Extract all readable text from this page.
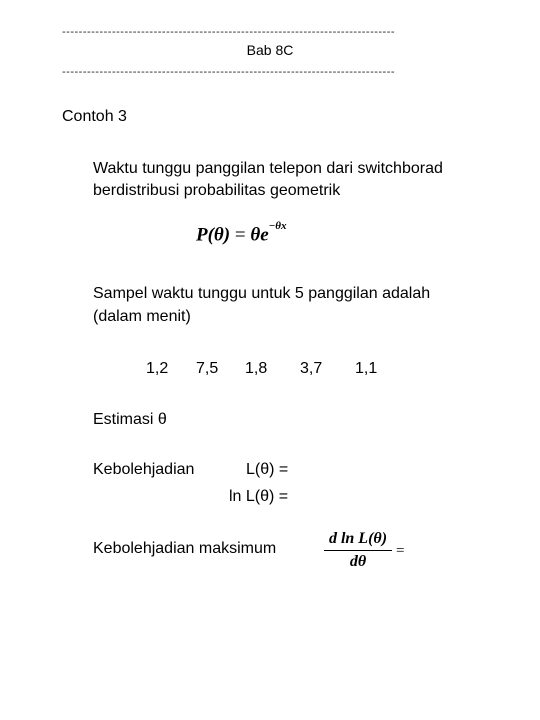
--------------------------------------------------------------------------------
Bab 8C
--------------------------------------------------------------------------------
Contoh 3
Waktu tunggu panggilan telepon dari switchborad
berdistribusi probabilitas geometrik
$P(\theta) = \theta e^{-\theta x}$
Sampel waktu tunggu untuk 5 panggilan adalah
(dalam menit)
1,2 7,5 1,8 3,7 1,1
Estimasi θ
Kebolehjadian	L(θ) =
ln L(θ) =
Kebolehjadian maksimum
d ln L(θ)
dθ
=
